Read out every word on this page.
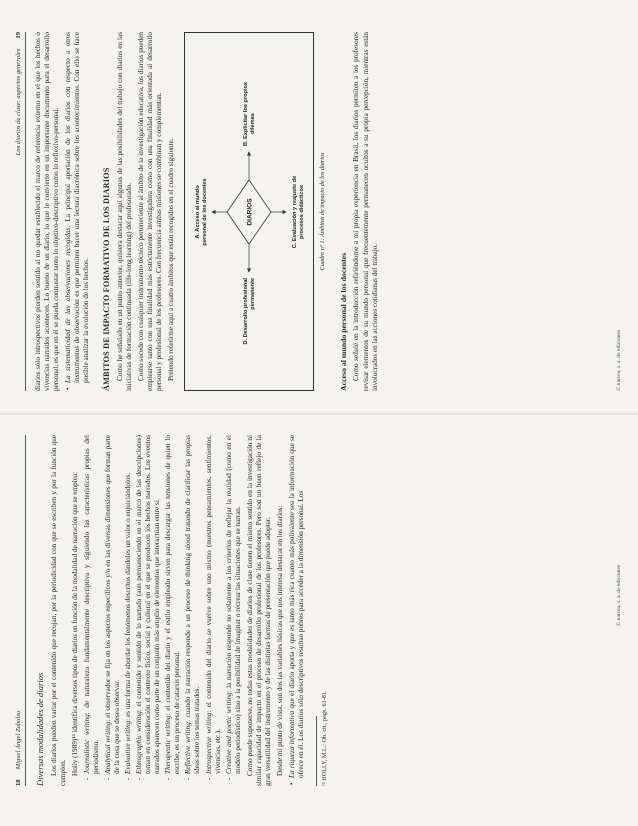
18Miguel Ángel Zabalza Diversas modalidades de diarios Los diarios pueden variar por el contenido que recojan, por la periodicidad con que se escriben y por la función que cumplen. Holly (1989)¹³ identifica diversos tipos de diarios en función de la modalidad de narración que se emplea: - Journalistic writing: de naturaleza fundamentalmente descriptiva y siguiendo las características propias del periodismo. - Analytical writing: el observador se fija en los aspectos específicos y/o en las diversas dimensiones que forman parte de la cosa que se desea observar. - Evaluative writing: es una forma de abordar los fenómenos descritos dándoles un valor o enjuiciándolos.
- Ethnographic writing: el contenido y sentido de lo narrado (aun permaneciendo en el marco de las descripciones) toman en consideración el contexto físico, social y cultural en el que se producen los hechos narrados. Los eventos narrados aparecen como parte de un conjunto más amplio de elementos que interactúan entre sí. - Therapeutic writing: el contenido del diario y el estilo empleado sirven para descargar las tensiones de quien lo escribe, es un proceso de catarsis personal. - Reflective writing: cuando la narración responde a un proceso de thinking aloud tratando de clarificar las propias ideas sobre los temas tratados. - Introspective writing: el contenido del diario se vuelve sobre uno mismo (nuestros pensamientos, sentimientos, vivencias, etc.). - Creative and poetic writing: la narración responde no solamente a los criterios de reflejar la realidad (como en el modelo periodístico) sino a la posibilidad de imaginar o recrear las situaciones que se narran. Como puede suponerse, no todas estas modalidades de diarios de clase tienen el mismo sentido en la investigación ni similar capacidad de impacto en el proceso de desarrollo profesional de los profesores. Pero son un buen reflejo de la gran versatilidad del instrumento y de las distintas formas de presentación que puede adoptar. Desde mi punto de vista, son dos las variables básicas que nos interesa destacar en los diarios: • La riqueza informativa que el diario aporta y que es tanto más rica cuanto más polivalente sea la información que se ofrece en él. Los diarios sólo descriptivos resultan pobres para acceder a la dimensión personal. Los	¹³ HOLLY, M.L.: Ob. cit., págs. 61-81.
© narcea, s. a. de ediciones
Los diarios de clase: aspectos generales19 diarios sólo introspectivos pierden sentido al no quedar establecido el marco de referencia externo en el que los hechos o vivencias narrados acontecen. Lo bueno de un diario, lo que le convierte en un importante documento para el desarrollo personal, es que en él se pueda contrastar tanto lo objetivo-descriptivo como lo reflexivo-personal. • La sistematicidad de las observaciones recogidas. La principal aportación de los diarios con respecto a otros instrumentos de observación es que permiten hacer una lectura diacrónica sobre los acontecimientos. Con ello se hace posible analizar la evolución de los hechos. ÁMBITOS DE IMPACTO FORMATIVO DE LOS DIARIOS Como he señalado en un punto anterior, quisiera destacar aquí algunas de las posibilidades del trabajo con diarios en las iniciativas de formación continuada (life-long learning) del profesorado. Como sucede con cualquier instrumento técnico perteneciente al ámbito de la investigación educativa, los diarios pueden emplearse tanto con una finalidad más estrictamente investigadora como con una finalidad más orientada al desarrollo personal y profesional de los profesores. Con frecuencia ambas misiones se combinan y complementan. Pretendo referirme aquí a cuatro ámbitos que están recogidos en el cuadro siguiente.	DIARIOS
A. Acceso al mundo personal de los docentes
B. Explicitar los propios dilemas
C. Evaluación y reajuste de procesos didácticos
D. Desarrollo profesional permanente
Cuadro nº 1: Ámbitos de impacto de los diarios
Acceso al mundo personal de los docentes Como señalé en la introducción refiriéndome a mi propia experiencia en Brasil, los diarios permiten a los profesores revisar elementos de su mundo personal que frecuentemente permanecen ocultos a su propia percepción, mientras están involucrados en las acciones cotidianas del trabajo.	© narcea, s. a. de ediciones
